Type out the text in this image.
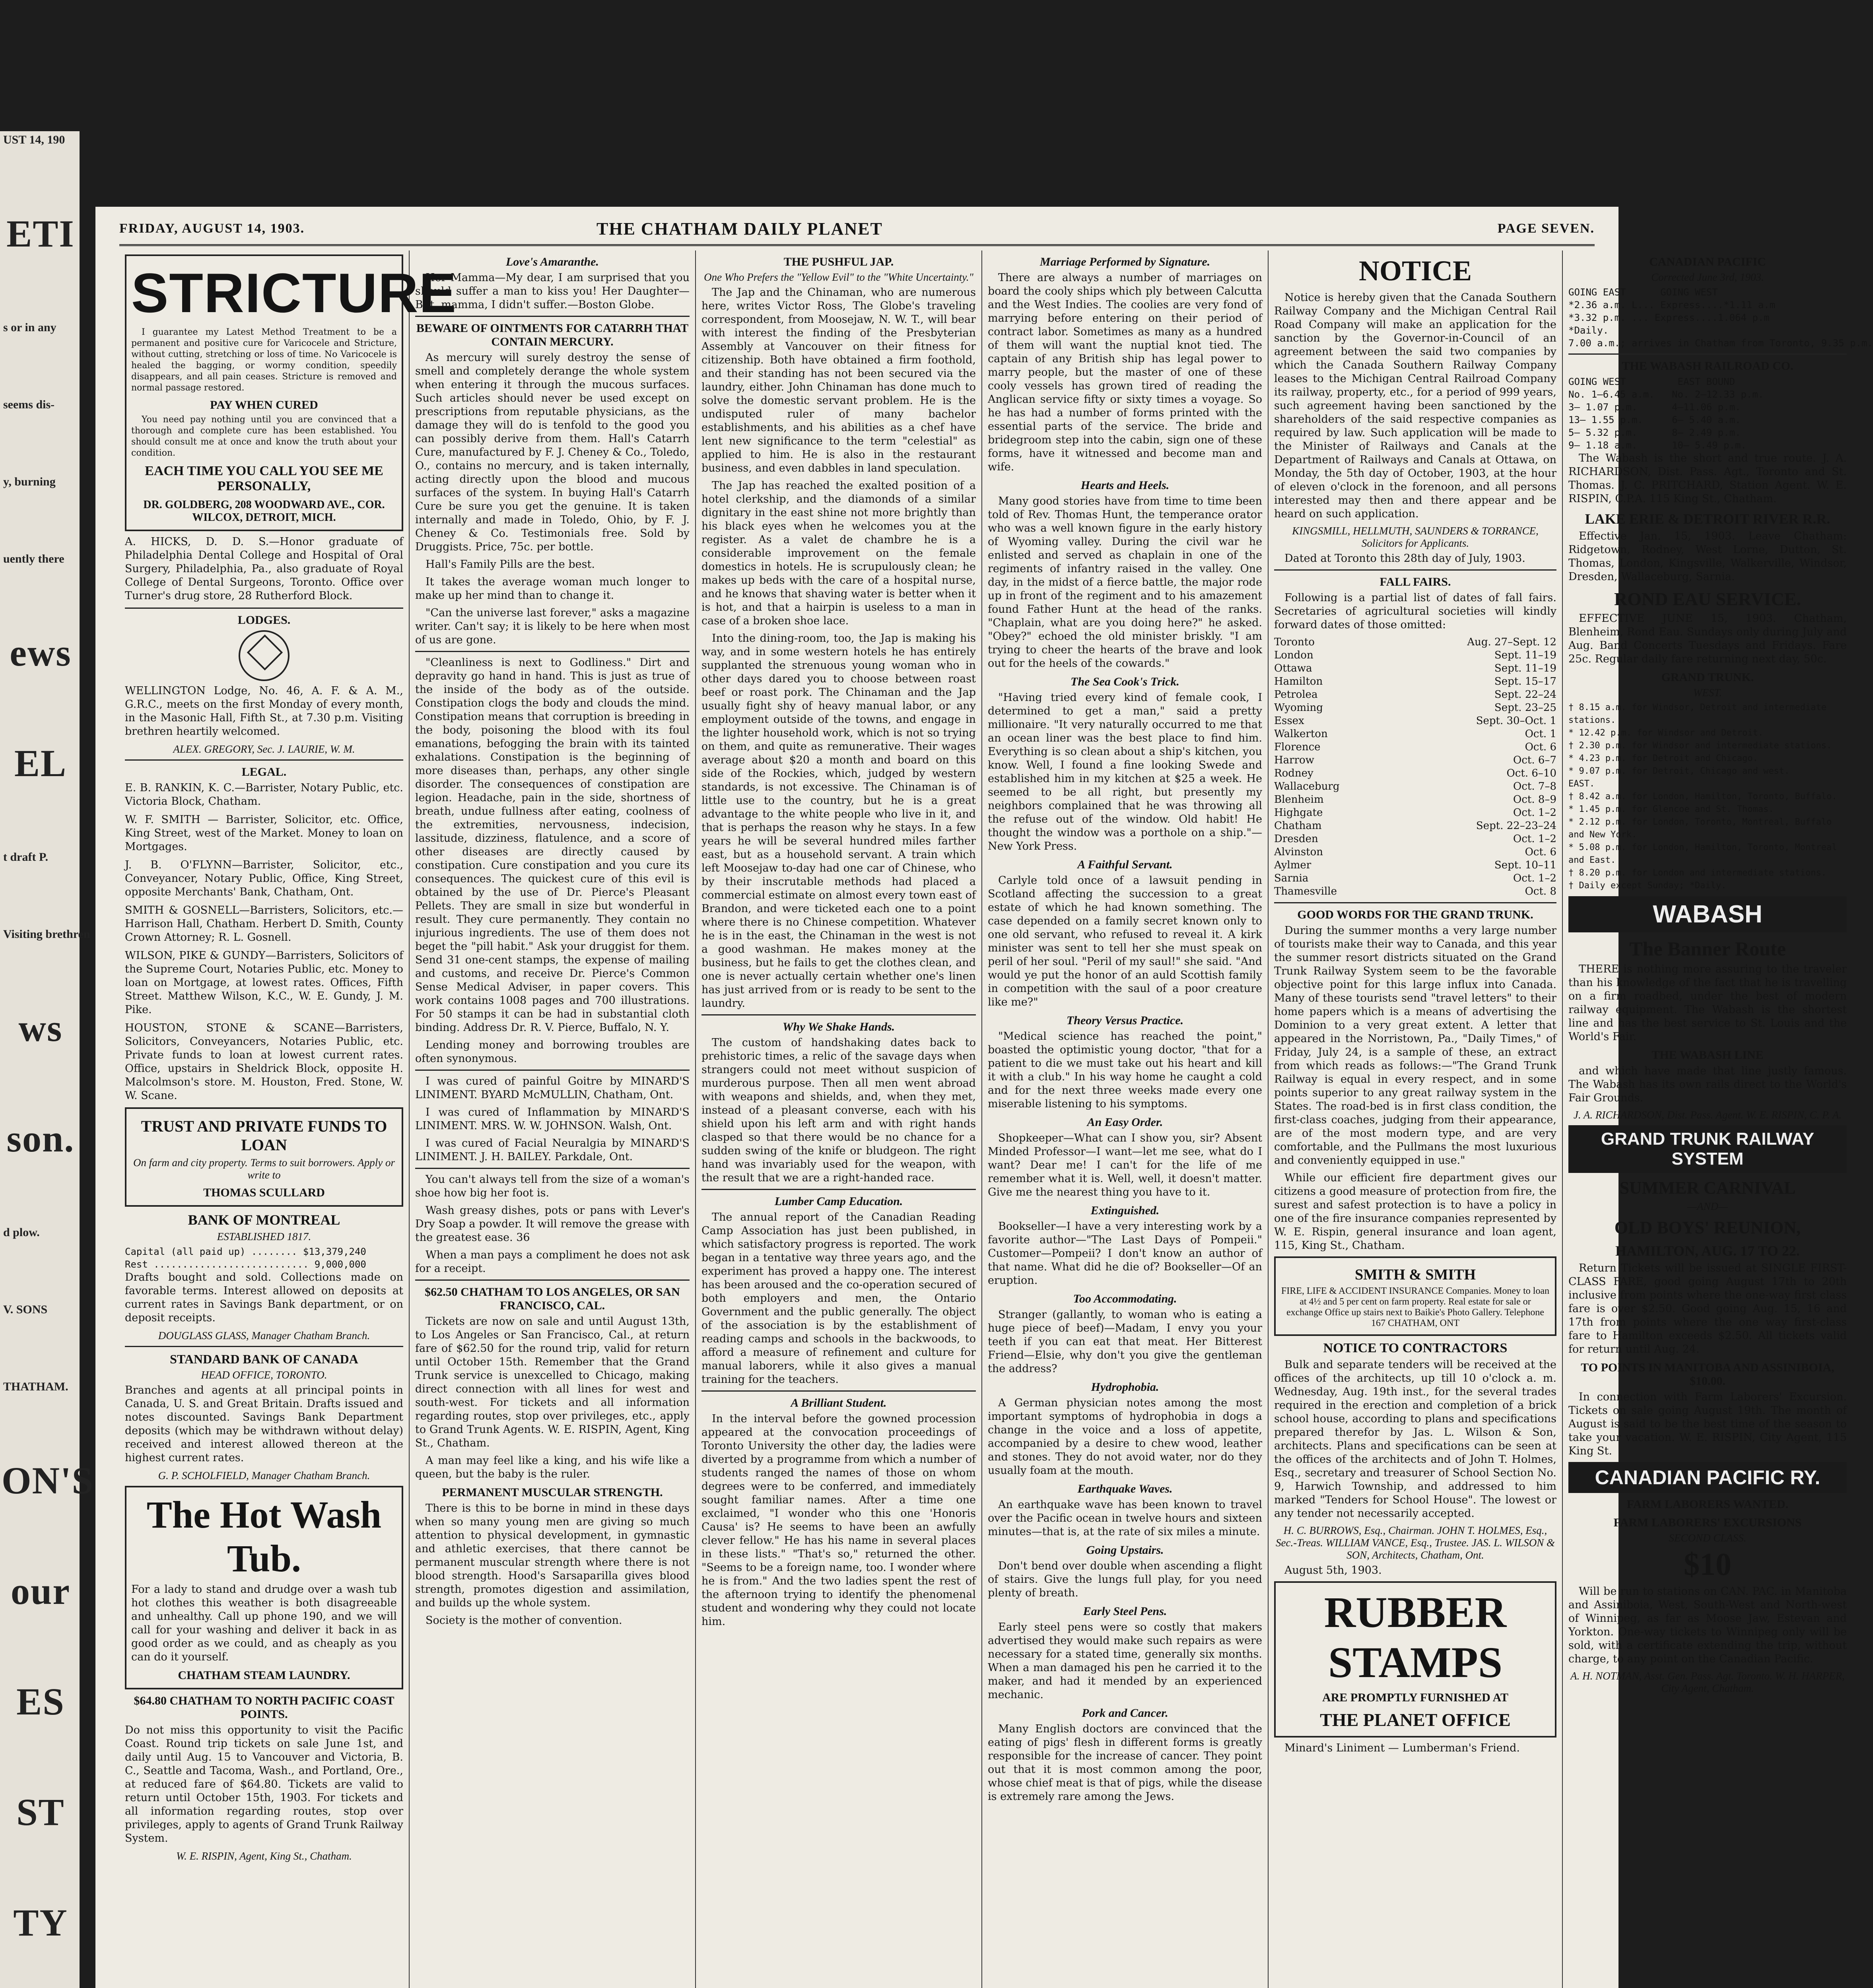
UST 14, 190
ETI
s or in any
seems dis-
y, burning
uently there
ews
EL
t draft P.
Visiting brethren
ws
son.
d plow.
V. SONS
THATHAM.
ON'S
our
ES
ST
TY
FRIDAY, AUGUST 14, 1903.	THE CHATHAM DAILY PLANET	PAGE SEVEN.
STRICTURE

I guarantee my Latest Method Treatment to be a permanent and positive cure for Varicocele and Stricture, without cutting, stretching or loss of time. No Varicocele is healed the bagging, or wormy condition, speedily disappears, and all pain ceases. Stricture is removed and normal passage restored.

PAY WHEN CURED

You need pay nothing until you are convinced that a thorough and complete cure has been established. You should consult me at once and know the truth about your condition.

EACH TIME YOU CALL YOU SEE ME PERSONALLY,
DR. GOLDBERG, 208 WOODWARD AVE., COR. WILCOX, DETROIT, MICH.

A. HICKS, D. D. S.—Honor graduate of Philadelphia Dental College and Hospital of Oral Surgery, Philadelphia, Pa., also graduate of Royal College of Dental Surgeons, Toronto. Office over Turner's drug store, 28 Rutherford Block.

LODGES.

WELLINGTON Lodge, No. 46, A. F. & A. M., G.R.C., meets on the first Monday of every month, in the Masonic Hall, Fifth St., at 7.30 p.m. Visiting brethren heartily welcomed.

ALEX. GREGORY, Sec. J. LAURIE, W. M.

LEGAL.

E. B. RANKIN, K. C.—Barrister, Notary Public, etc. Victoria Block, Chatham.

W. F. SMITH — Barrister, Solicitor, etc. Office, King Street, west of the Market. Money to loan on Mortgages.

J. B. O'FLYNN—Barrister, Solicitor, etc., Conveyancer, Notary Public, Office, King Street, opposite Merchants' Bank, Chatham, Ont.

SMITH & GOSNELL—Barristers, Solicitors, etc.—Harrison Hall, Chatham. Herbert D. Smith, County Crown Attorney; R. L. Gosnell.

WILSON, PIKE & GUNDY—Barristers, Solicitors of the Supreme Court, Notaries Public, etc. Money to loan on Mortgage, at lowest rates. Offices, Fifth Street. Matthew Wilson, K.C., W. E. Gundy, J. M. Pike.

HOUSTON, STONE & SCANE—Barristers, Solicitors, Conveyancers, Notaries Public, etc. Private funds to loan at lowest current rates. Office, upstairs in Sheldrick Block, opposite H. Malcolmson's store. M. Houston, Fred. Stone, W. W. Scane.

TRUST AND PRIVATE FUNDS TO LOAN

On farm and city property. Terms to suit borrowers. Apply or write to

THOMAS SCULLARD
BANK OF MONTREAL

ESTABLISHED 1817.

Capital (all paid up) ........ $13,379,240
Rest ........................... 9,000,000

Drafts bought and sold. Collections made on favorable terms. Interest allowed on deposits at current rates in Savings Bank department, or on deposit receipts.

DOUGLASS GLASS, Manager Chatham Branch.

STANDARD BANK OF CANADA

HEAD OFFICE, TORONTO.

Branches and agents at all principal points in Canada, U. S. and Great Britain. Drafts issued and notes discounted. Savings Bank Department deposits (which may be withdrawn without delay) received and interest allowed thereon at the highest current rates.

G. P. SCHOLFIELD, Manager Chatham Branch.

The Hot Wash Tub.

For a lady to stand and drudge over a wash tub hot clothes this weather is both disagreeable and unhealthy. Call up phone 190, and we will call for your washing and deliver it back in as good order as we could, and as cheaply as you can do it yourself.

CHATHAM STEAM LAUNDRY.
$64.80 CHATHAM TO NORTH PACIFIC COAST POINTS.

Do not miss this opportunity to visit the Pacific Coast. Round trip tickets on sale June 1st, and daily until Aug. 15 to Vancouver and Victoria, B. C., Seattle and Tacoma, Wash., and Portland, Ore., at reduced fare of $64.80. Tickets are valid to return until October 15th, 1903. For tickets and all information regarding routes, stop over privileges, apply to agents of Grand Trunk Railway System.

W. E. RISPIN, Agent, King St., Chatham.

Love's Amaranthe.

Her Mamma—My dear, I am surprised that you should suffer a man to kiss you! Her Daughter—But, mamma, I didn't suffer.—Boston Globe.

BEWARE OF OINTMENTS FOR CATARRH THAT CONTAIN MERCURY.

As mercury will surely destroy the sense of smell and completely derange the whole system when entering it through the mucous surfaces. Such articles should never be used except on prescriptions from reputable physicians, as the damage they will do is tenfold to the good you can possibly derive from them. Hall's Catarrh Cure, manufactured by F. J. Cheney & Co., Toledo, O., contains no mercury, and is taken internally, acting directly upon the blood and mucous surfaces of the system. In buying Hall's Catarrh Cure be sure you get the genuine. It is taken internally and made in Toledo, Ohio, by F. J. Cheney & Co. Testimonials free. Sold by Druggists. Price, 75c. per bottle.

Hall's Family Pills are the best.

It takes the average woman much longer to make up her mind than to change it.

"Can the universe last forever," asks a magazine writer. Can't say; it is likely to be here when most of us are gone.

"Cleanliness is next to Godliness." Dirt and depravity go hand in hand. This is just as true of the inside of the body as of the outside. Constipation clogs the body and clouds the mind. Constipation means that corruption is breeding in the body, poisoning the blood with its foul emanations, befogging the brain with its tainted exhalations. Constipation is the beginning of more diseases than, perhaps, any other single disorder. The consequences of constipation are legion. Headache, pain in the side, shortness of breath, undue fullness after eating, coolness of the extremities, nervousness, indecision, lassitude, dizziness, flatulence, and a score of other diseases are directly caused by constipation. Cure constipation and you cure its consequences. The quickest cure of this evil is obtained by the use of Dr. Pierce's Pleasant Pellets. They are small in size but wonderful in result. They cure permanently. They contain no injurious ingredients. The use of them does not beget the "pill habit." Ask your druggist for them. Send 31 one-cent stamps, the expense of mailing and customs, and receive Dr. Pierce's Common Sense Medical Adviser, in paper covers. This work contains 1008 pages and 700 illustrations. For 50 stamps it can be had in substantial cloth binding. Address Dr. R. V. Pierce, Buffalo, N. Y.

Lending money and borrowing troubles are often synonymous.

I was cured of painful Goitre by MINARD'S LINIMENT. BYARD McMULLIN, Chatham, Ont.

I was cured of Inflammation by MINARD'S LINIMENT. MRS. W. W. JOHNSON. Walsh, Ont.

I was cured of Facial Neuralgia by MINARD'S LINIMENT. J. H. BAILEY. Parkdale, Ont.

You can't always tell from the size of a woman's shoe how big her foot is.

Wash greasy dishes, pots or pans with Lever's Dry Soap a powder. It will remove the grease with the greatest ease. 36

When a man pays a compliment he does not ask for a receipt.

$62.50 CHATHAM TO LOS ANGELES, OR SAN FRANCISCO, CAL.

Tickets are now on sale and until August 13th, to Los Angeles or San Francisco, Cal., at return fare of $62.50 for the round trip, valid for return until October 15th. Remember that the Grand Trunk service is unexcelled to Chicago, making direct connection with all lines for west and south-west. For tickets and all information regarding routes, stop over privileges, etc., apply to Grand Trunk Agents. W. E. RISPIN, Agent, King St., Chatham.

A man may feel like a king, and his wife like a queen, but the baby is the ruler.

PERMANENT MUSCULAR STRENGTH.

There is this to be borne in mind in these days when so many young men are giving so much attention to physical development, in gymnastic and athletic exercises, that there cannot be permanent muscular strength where there is not blood strength. Hood's Sarsaparilla gives blood strength, promotes digestion and assimilation, and builds up the whole system.

Society is the mother of convention.

THE PUSHFUL JAP.

One Who Prefers the "Yellow Evil" to the "White Uncertainty."

The Jap and the Chinaman, who are numerous here, writes Victor Ross, The Globe's traveling correspondent, from Moosejaw, N. W. T., will bear with interest the finding of the Presbyterian Assembly at Vancouver on their fitness for citizenship. Both have obtained a firm foothold, and their standing has not been secured via the laundry, either. John Chinaman has done much to solve the domestic servant problem. He is the undisputed ruler of many bachelor establishments, and his abilities as a chef have lent new significance to the term "celestial" as applied to him. He is also in the restaurant business, and even dabbles in land speculation.

The Jap has reached the exalted position of a hotel clerkship, and the diamonds of a similar dignitary in the east shine not more brightly than his black eyes when he welcomes you at the register. As a valet de chambre he is a considerable improvement on the female domestics in hotels. He is scrupulously clean; he makes up beds with the care of a hospital nurse, and he knows that shaving water is better when it is hot, and that a hairpin is useless to a man in case of a broken shoe lace.

Into the dining-room, too, the Jap is making his way, and in some western hotels he has entirely supplanted the strenuous young woman who in other days dared you to choose between roast beef or roast pork. The Chinaman and the Jap usually fight shy of heavy manual labor, or any employment outside of the towns, and engage in the lighter household work, which is not so trying on them, and quite as remunerative. Their wages average about $20 a month and board on this side of the Rockies, which, judged by western standards, is not excessive. The Chinaman is of little use to the country, but he is a great advantage to the white people who live in it, and that is perhaps the reason why he stays. In a few years he will be several hundred miles farther east, but as a household servant. A train which left Moosejaw to-day had one car of Chinese, who by their inscrutable methods had placed a commercial estimate on almost every town east of Brandon, and were ticketed each one to a point where there is no Chinese competition. Whatever he is in the east, the Chinaman in the west is not a good washman. He makes money at the business, but he fails to get the clothes clean, and one is never actually certain whether one's linen has just arrived from or is ready to be sent to the laundry.

Why We Shake Hands.

The custom of handshaking dates back to prehistoric times, a relic of the savage days when strangers could not meet without suspicion of murderous purpose. Then all men went abroad with weapons and shields, and, when they met, instead of a pleasant converse, each with his shield upon his left arm and with right hands clasped so that there would be no chance for a sudden swing of the knife or bludgeon. The right hand was invariably used for the weapon, with the result that we are a right-handed race.

Lumber Camp Education.

The annual report of the Canadian Reading Camp Association has just been published, in which satisfactory progress is reported. The work began in a tentative way three years ago, and the experiment has proved a happy one. The interest has been aroused and the co-operation secured of both employers and men, the Ontario Government and the public generally. The object of the association is by the establishment of reading camps and schools in the backwoods, to afford a measure of refinement and culture for manual laborers, while it also gives a manual training for the teachers.

A Brilliant Student.

In the interval before the gowned procession appeared at the convocation proceedings of Toronto University the other day, the ladies were diverted by a programme from which a number of students ranged the names of those on whom degrees were to be conferred, and immediately sought familiar names. After a time one exclaimed, "I wonder who this one 'Honoris Causa' is? He seems to have been an awfully clever fellow." He has his name in several places in these lists." "That's so," returned the other. "Seems to be a foreign name, too. I wonder where he is from." And the two ladies spent the rest of the afternoon trying to identify the phenomenal student and wondering why they could not locate him.

Marriage Performed by Signature.

There are always a number of marriages on board the cooly ships which ply between Calcutta and the West Indies. The coolies are very fond of marrying before entering on their period of contract labor. Sometimes as many as a hundred of them will want the nuptial knot tied. The captain of any British ship has legal power to marry people, but the master of one of these cooly vessels has grown tired of reading the Anglican service fifty or sixty times a voyage. So he has had a number of forms printed with the essential parts of the service. The bride and bridegroom step into the cabin, sign one of these forms, have it witnessed and become man and wife.

Hearts and Heels.

Many good stories have from time to time been told of Rev. Thomas Hunt, the temperance orator who was a well known figure in the early history of Wyoming valley. During the civil war he enlisted and served as chaplain in one of the regiments of infantry raised in the valley. One day, in the midst of a fierce battle, the major rode up in front of the regiment and to his amazement found Father Hunt at the head of the ranks. "Chaplain, what are you doing here?" he asked. "Obey?" echoed the old minister briskly. "I am trying to cheer the hearts of the brave and look out for the heels of the cowards."

The Sea Cook's Trick.

"Having tried every kind of female cook, I determined to get a man," said a pretty millionaire. "It very naturally occurred to me that an ocean liner was the best place to find him. Everything is so clean about a ship's kitchen, you know. Well, I found a fine looking Swede and established him in my kitchen at $25 a week. He seemed to be all right, but presently my neighbors complained that he was throwing all the refuse out of the window. Old habit! He thought the window was a porthole on a ship."—New York Press.

A Faithful Servant.

Carlyle told once of a lawsuit pending in Scotland affecting the succession to a great estate of which he had known something. The case depended on a family secret known only to one old servant, who refused to reveal it. A kirk minister was sent to tell her she must speak on peril of her soul. "Peril of my saul!" she said. "And would ye put the honor of an auld Scottish family in competition with the saul of a poor creature like me?"

Theory Versus Practice.

"Medical science has reached the point," boasted the optimistic young doctor, "that for a patient to die we must take out his heart and kill it with a club." In his way home he caught a cold and for the next three weeks made every one miserable listening to his symptoms.

An Easy Order.

Shopkeeper—What can I show you, sir? Absent Minded Professor—I want—let me see, what do I want? Dear me! I can't for the life of me remember what it is. Well, well, it doesn't matter. Give me the nearest thing you have to it.

Extinguished.

Bookseller—I have a very interesting work by a favorite author—"The Last Days of Pompeii." Customer—Pompeii? I don't know an author of that name. What did he die of? Bookseller—Of an eruption.

Too Accommodating.

Stranger (gallantly, to woman who is eating a huge piece of beef)—Madam, I envy you your teeth if you can eat that meat. Her Bitterest Friend—Elsie, why don't you give the gentleman the address?

Hydrophobia.

A German physician notes among the most important symptoms of hydrophobia in dogs a change in the voice and a loss of appetite, accompanied by a desire to chew wood, leather and stones. They do not avoid water, nor do they usually foam at the mouth.

Earthquake Waves.

An earthquake wave has been known to travel over the Pacific ocean in twelve hours and sixteen minutes—that is, at the rate of six miles a minute.

Going Upstairs.

Don't bend over double when ascending a flight of stairs. Give the lungs full play, for you need plenty of breath.

Early Steel Pens.

Early steel pens were so costly that makers advertised they would make such repairs as were necessary for a stated time, generally six months. When a man damaged his pen he carried it to the maker, and had it mended by an experienced mechanic.

Pork and Cancer.

Many English doctors are convinced that the eating of pigs' flesh in different forms is greatly responsible for the increase of cancer. They point out that it is most common among the poor, whose chief meat is that of pigs, while the disease is extremely rare among the Jews.

NOTICE

Notice is hereby given that the Canada Southern Railway Company and the Michigan Central Rail Road Company will make an application for the sanction by the Governor-in-Council of an agreement between the said two companies by which the Canada Southern Railway Company leases to the Michigan Central Railroad Company its railway, property, etc., for a period of 999 years, such agreement having been sanctioned by the shareholders of the said respective companies as required by law. Such application will be made to the Minister of Railways and Canals at the Department of Railways and Canals at Ottawa, on Monday, the 5th day of October, 1903, at the hour of eleven o'clock in the forenoon, and all persons interested may then and there appear and be heard on such application.

KINGSMILL, HELLMUTH, SAUNDERS & TORRANCE, Solicitors for Applicants.

Dated at Toronto this 28th day of July, 1903.

FALL FAIRS.

Following is a partial list of dates of fall fairs. Secretaries of agricultural societies will kindly forward dates of those omitted:

Toronto	Aug. 27–Sept. 12
London	Sept. 11–19
Ottawa	Sept. 11–19
Hamilton	Sept. 15–17
Petrolea	Sept. 22–24
Wyoming	Sept. 23–25
Essex	Sept. 30–Oct. 1
Walkerton	Oct. 1
Florence	Oct. 6
Harrow	Oct. 6–7
Rodney	Oct. 6–10
Wallaceburg	Oct. 7–8
Blenheim	Oct. 8–9
Highgate	Oct. 1–2
Chatham	Sept. 22–23–24
Dresden	Oct. 1–2
Alvinston	Oct. 6
Aylmer	Sept. 10–11
Sarnia	Oct. 1–2
Thamesville	Oct. 8
GOOD WORDS FOR THE GRAND TRUNK.

During the summer months a very large number of tourists make their way to Canada, and this year the summer resort districts situated on the Grand Trunk Railway System seem to be the favorable objective point for this large influx into Canada. Many of these tourists send "travel letters" to their home papers which is a means of advertising the Dominion to a very great extent. A letter that appeared in the Norristown, Pa., "Daily Times," of Friday, July 24, is a sample of these, an extract from which reads as follows:—"The Grand Trunk Railway is equal in every respect, and in some points superior to any great railway system in the States. The road-bed is in first class condition, the first-class coaches, judging from their appearance, are of the most modern type, and are very comfortable, and the Pullmans the most luxurious and conveniently equipped in use."

While our efficient fire department gives our citizens a good measure of protection from fire, the surest and safest protection is to have a policy in one of the fire insurance companies represented by W. E. Rispin, general insurance and loan agent, 115, King St., Chatham.

SMITH & SMITH

FIRE, LIFE & ACCIDENT INSURANCE Companies. Money to loan at 4½ and 5 per cent on farm property. Real estate for sale or exchange Office up stairs next to Baikie's Photo Gallery. Telephone 167 CHATHAM, ONT

NOTICE TO CONTRACTORS

Bulk and separate tenders will be received at the offices of the architects, up till 10 o'clock a. m. Wednesday, Aug. 19th inst., for the several trades required in the erection and completion of a brick school house, according to plans and specifications prepared therefor by Jas. L. Wilson & Son, architects. Plans and specifications can be seen at the offices of the architects and of John T. Holmes, Esq., secretary and treasurer of School Section No. 9, Harwich Township, and addressed to him marked "Tenders for School House". The lowest or any tender not necessarily accepted.

H. C. BURROWS, Esq., Chairman. JOHN T. HOLMES, Esq., Sec.-Treas. WILLIAM VANCE, Esq., Trustee. JAS. L. WILSON & SON, Architects, Chatham, Ont.

August 5th, 1903.

RUBBER
STAMPS
ARE PROMPTLY FURNISHED AT
THE PLANET OFFICE

Minard's Liniment — Lumberman's Friend.

CANADIAN PACIFIC

Corrected June 3rd, 1903.

GOING EAST      GOING WEST
*2.36 a.m. L... Express....*1.11 a.m
*3.32 p.m. ... Express....1.064 p.m
*Daily.
7.00 a.m.; arrives in Chatham from Toronto, 9.35 p.m.
THE WABASH RAILROAD CO.
GOING WEST         EAST BOUND
No. 1—6.45 a.m.   No. 2—12.33 p.m.
3— 1.07 p.m.      4—11.06 p.m.
13— 1.55 p.m.     6— 5.40 a.m.
5— 5.32 p.m.      8— 2.49 p.m.
9— 1.18 a.m.      10— 5.49 p.m.

The Wabash is the short and true route. J. A. RICHARDSON, Dist. Pass. Agt., Toronto and St. Thomas. J. C. PRITCHARD, Station Agent. W. E. RISPIN, C.P.A. 115 King St., Chatham.

LAKE ERIE & DETROIT RIVER R.R.

Effective Jan. 15, 1903. Leave Chatham: Ridgetown, Rodney, West Lorne, Dutton, St. Thomas, London, Kingsville, Walkerville, Windsor, Dresden, Wallaceburg, Sarnia.

ROND EAU SERVICE.

EFFECTIVE JUNE 15, 1903. Chatham, Blenheim, Rond Eau. Sundays only during July and Aug. Band Concerts Tuesdays and Fridays. Fare 25c. Regular daily fare returning next day, 50c.

GRAND TRUNK.

WEST.

† 8.15 a.m. for Windsor, Detroit and intermediate stations.
* 12.42 p.m. for Windsor and Detroit.
† 2.30 p.m. for Windsor and intermediate stations.
* 4.23 p.m. for Detroit and Chicago.
* 9.07 p.m. for Detroit, Chicago and west.
EAST.
† 8.42 a.m. for London, Hamilton, Toronto, Buffalo.
* 1.45 p.m. for Glencoe and St. Thomas.
* 2.12 p.m. for London, Toronto, Montreal, Buffalo and New York.
* 5.08 p.m. for London, Hamilton, Toronto, Montreal and East.
† 8.20 p.m. for London and intermediate stations.
† Daily except Sunday; *Daily.
WABASH
The Banner Route

THERE is nothing more assuring to the traveler than his knowledge of the fact that he is travelling on a firm roadbed, under the best of modern railway equipment. The Wabash is the shortest line and has the best service to St. Louis and the World's Fair.

THE WABASH LINE

and which have made that line justly famous. The Wabash has its own rails direct to the World's Fair Grounds.

J. A. RICHARDSON, Dist. Pass. Agent. W. E. RISPIN, C. P. A.

GRAND TRUNK RAILWAY SYSTEM
SUMMER CARNIVAL

—AND—

OLD BOYS' REUNION,
HAMILTON, AUG. 17 TO 22.

Return Tickets will be issued at SINGLE FIRST-CLASS FARE, good going August 17th to 20th inclusive from points where the one-way first class fare is over $2.50. Good going Aug. 15, 16 and 17th from points where the one way first-class fare to Hamilton exceeds $2.50. All tickets valid for return until Aug. 24.

TO POINTS IN MANITOBA AND ASSINIBOIA, $10.00.

In connection with Farm Laborers' Excursion. Tickets on sale going August 19th. The month of August is said to be the best time of the season to take your vacation. W. E. RISPIN, City Agent, 115 King St.

CANADIAN PACIFIC RY.
FARM LABORERS WANTED.
FARM LABORERS' EXCURSIONS

SECOND CLASS.

$10

Will be run to stations on CAN. PAC. in Manitoba and Assiniboia, West, South-West and North-west of Winnipeg, as far as Moose Jaw, Estevan and Yorkton. One-way tickets to Winnipeg only will be sold, with a certificate extending the trip, without charge, to any point on the Canadian Pacific.

A. H. NOTMAN, Asst. Gen. Pass. Agt. Toronto. W. H. HARPER, City Agent, Chatham.
